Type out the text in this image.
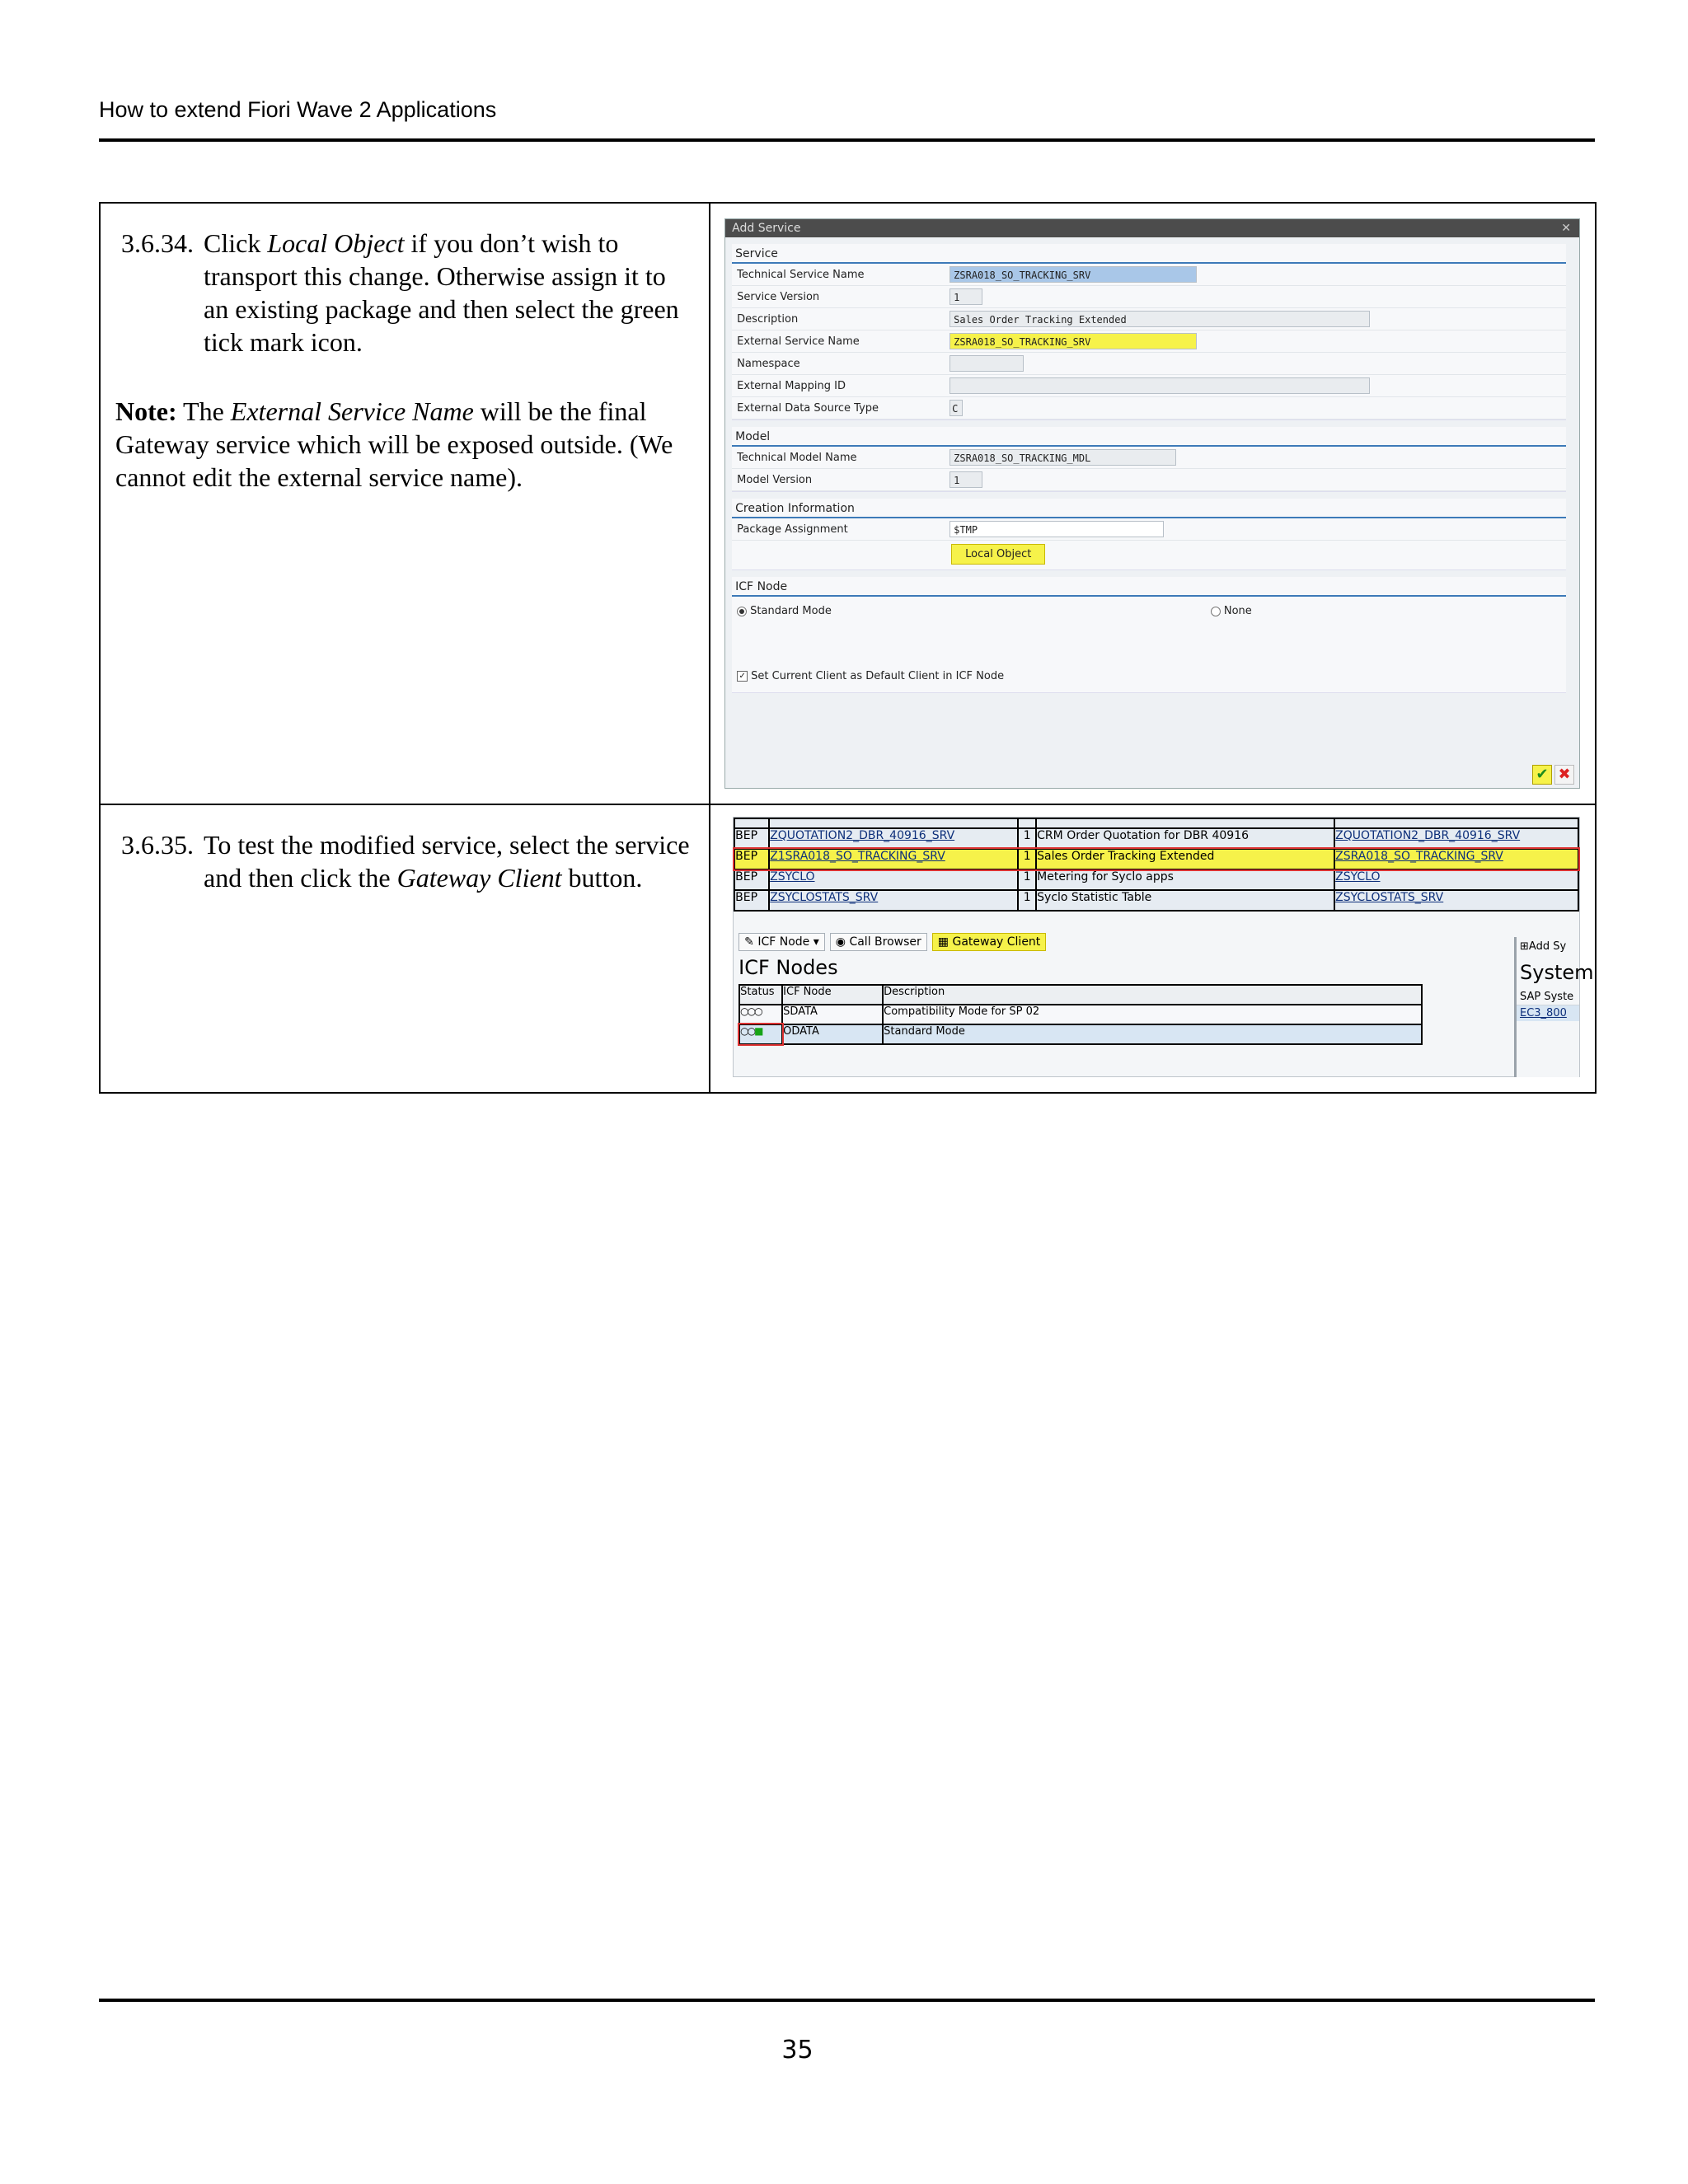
How to extend Fiori Wave 2 Applications
3.6.34. Click Local Object if you don’t wish to transport this change. Otherwise assign it to an existing package and then select the green tick mark icon.
Note: The External Service Name will be the final Gateway service which will be exposed outside. (We cannot edit the external service name).

Add Service	✕
Service
Technical Service Name	ZSRA018_SO_TRACKING_SRV
Service Version	1
Description	Sales Order Tracking Extended
External Service Name	ZSRA018_SO_TRACKING_SRV
Namespace
External Mapping ID
External Data Source Type	C
Model
Technical Model Name	ZSRA018_SO_TRACKING_MDL
Model Version	1
Creation Information
Package Assignment	$TMP
Local Object
ICF Node
Standard Mode	None
✓ Set Current Client as Default Client in ICF Node
✔ ✖

3.6.35. To test the modified service, select the service and then click the Gateway Client button.

BEP	ZQUOTATION2_DBR_40916_SRV	1	CRM Order Quotation for DBR 40916	ZQUOTATION2_DBR_40916_SRV
BEP	Z1SRA018_SO_TRACKING_SRV	1	Sales Order Tracking Extended	ZSRA018_SO_TRACKING_SRV
BEP	ZSYCLO	1	Metering for Syclo apps	ZSYCLO
BEP	ZSYCLOSTATS_SRV	1	Syclo Statistic Table	ZSYCLOSTATS_SRV
✎ ICF Node ▾	◉ Call Browser	▦ Gateway Client
ICF Nodes
Status	ICF Node	Description
○○○	SDATA	Compatibility Mode for SP 02
○○■	ODATA	Standard Mode
⊞Add Sy
System
SAP Syste
EC3_800
35
